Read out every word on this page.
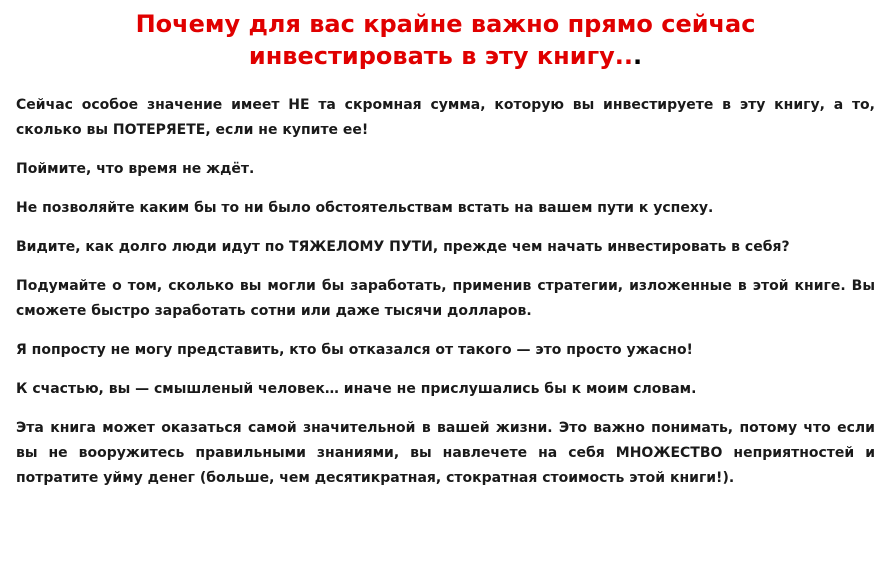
Почему для вас крайне важно прямо сейчас
инвестировать в эту книгу...

Сейчас особое значение имеет НЕ та скромная сумма, которую вы инвестируете в эту книгу, а то, сколько вы ПОТЕРЯЕТЕ, если не купите ее!

Поймите, что время не ждёт.

Не позволяйте каким бы то ни было обстоятельствам встать на вашем пути к успеху.

Видите, как долго люди идут по ТЯЖЕЛОМУ ПУТИ, прежде чем начать инвестировать в себя?

Подумайте о том, сколько вы могли бы заработать, применив стратегии, изложенные в этой книге. Вы сможете быстро заработать сотни или даже тысячи долларов.

Я попросту не могу представить, кто бы отказался от такого — это просто ужасно!

К счастью, вы — смышленый человек… иначе не прислушались бы к моим словам.

Эта книга может оказаться самой значительной в вашей жизни. Это важно понимать, потому что если вы не вооружитесь правильными знаниями, вы навлечете на себя МНОЖЕСТВО неприятностей и потратите уйму денег (больше, чем десятикратная, стократная стоимость этой книги!).
